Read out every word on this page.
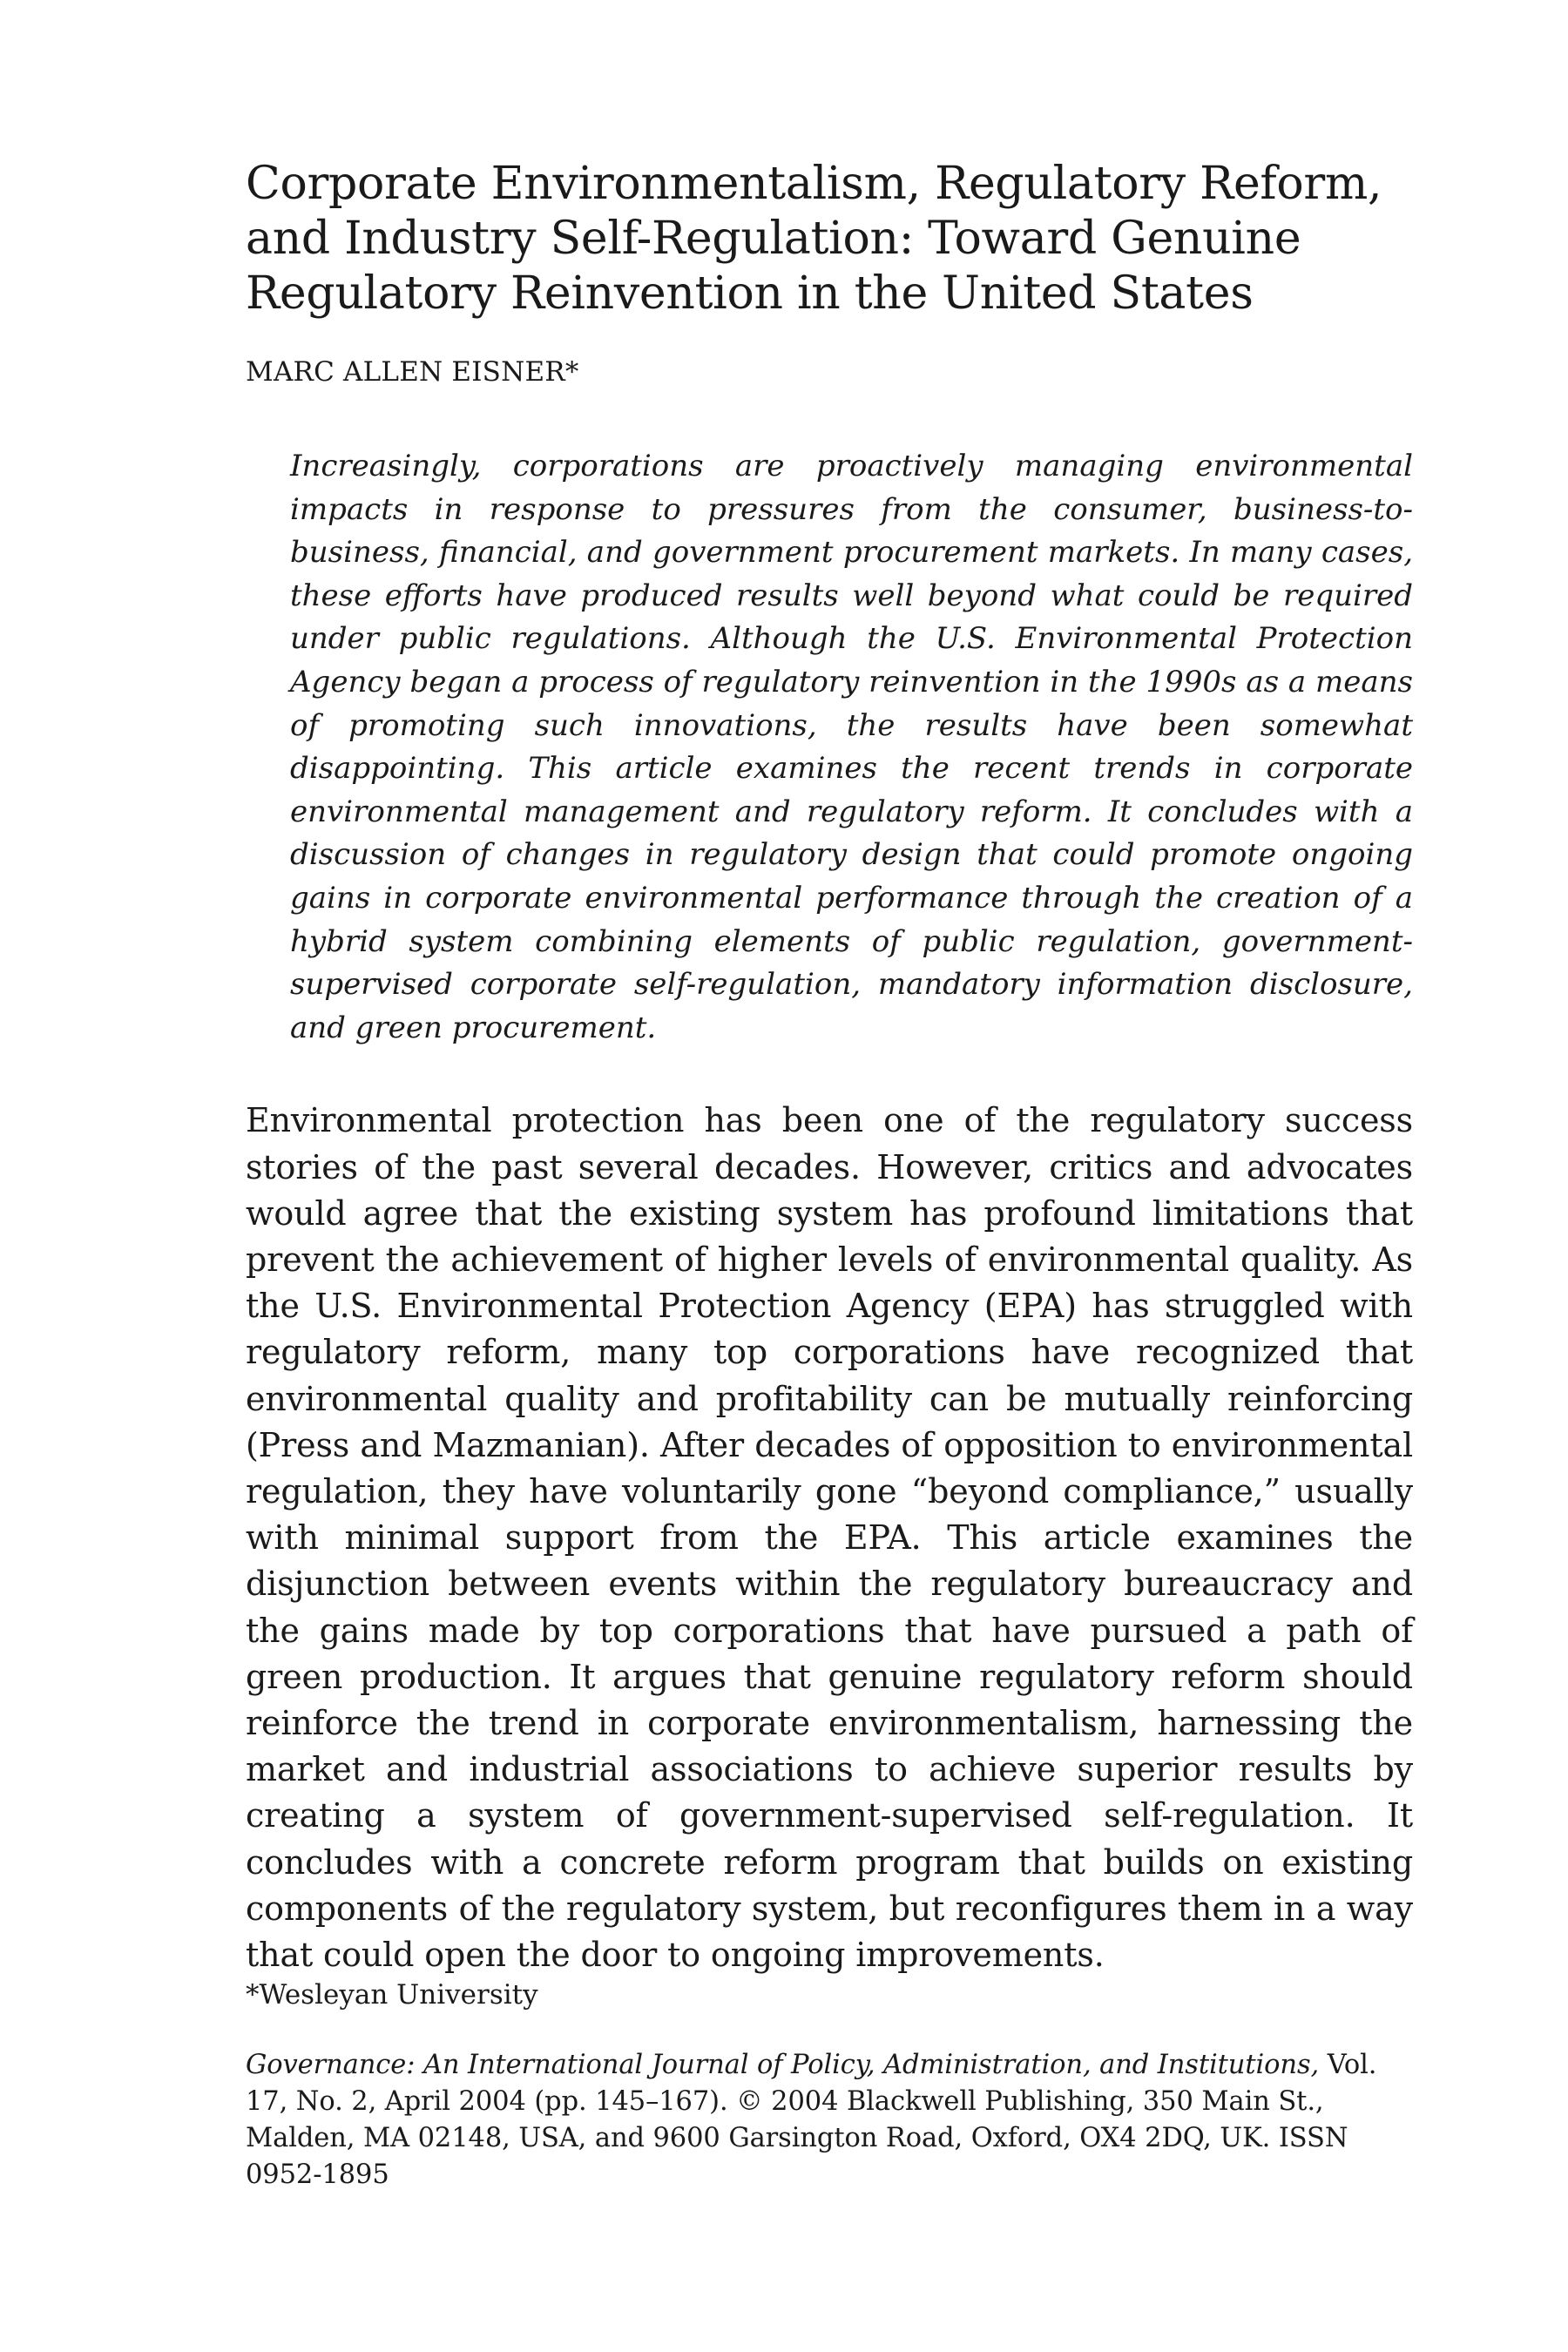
Corporate Environmentalism, Regulatory Reform, and Industry Self-Regulation: Toward Genuine Regulatory Reinvention in the United States
MARC ALLEN EISNER*

Increasingly, corporations are proactively managing environmental impacts in response to pressures from the consumer, business-to-business, financial, and government procurement markets. In many cases, these efforts have produced results well beyond what could be required under public regulations. Although the U.S. Environmental Protection Agency began a process of regulatory reinvention in the 1990s as a means of promoting such innovations, the results have been somewhat disappointing. This article examines the recent trends in corporate environmental management and regulatory reform. It concludes with a discussion of changes in regulatory design that could promote ongoing gains in corporate environmental performance through the creation of a hybrid system combining elements of public regulation, government-supervised corporate self-regulation, mandatory information disclosure, and green procurement.

Environmental protection has been one of the regulatory success stories of the past several decades. However, critics and advocates would agree that the existing system has profound limitations that prevent the achievement of higher levels of environmental quality. As the U.S. Environmental Protection Agency (EPA) has struggled with regulatory reform, many top corporations have recognized that environmental quality and profitability can be mutually reinforcing (Press and Mazmanian). After decades of opposition to environmental regulation, they have voluntarily gone “beyond compliance,” usually with minimal support from the EPA. This article examines the disjunction between events within the regulatory bureaucracy and the gains made by top corporations that have pursued a path of green production. It argues that genuine regulatory reform should reinforce the trend in corporate environmentalism, harnessing the market and industrial associations to achieve superior results by creating a system of government-supervised self-regulation. It concludes with a concrete reform program that builds on existing components of the regulatory system, but reconfigures them in a way that could open the door to ongoing improvements.

*Wesleyan University
Governance: An International Journal of Policy, Administration, and Institutions, Vol. 17, No. 2, April 2004 (pp. 145–167). © 2004 Blackwell Publishing, 350 Main St., Malden, MA 02148, USA, and 9600 Garsington Road, Oxford, OX4 2DQ, UK. ISSN 0952-1895
